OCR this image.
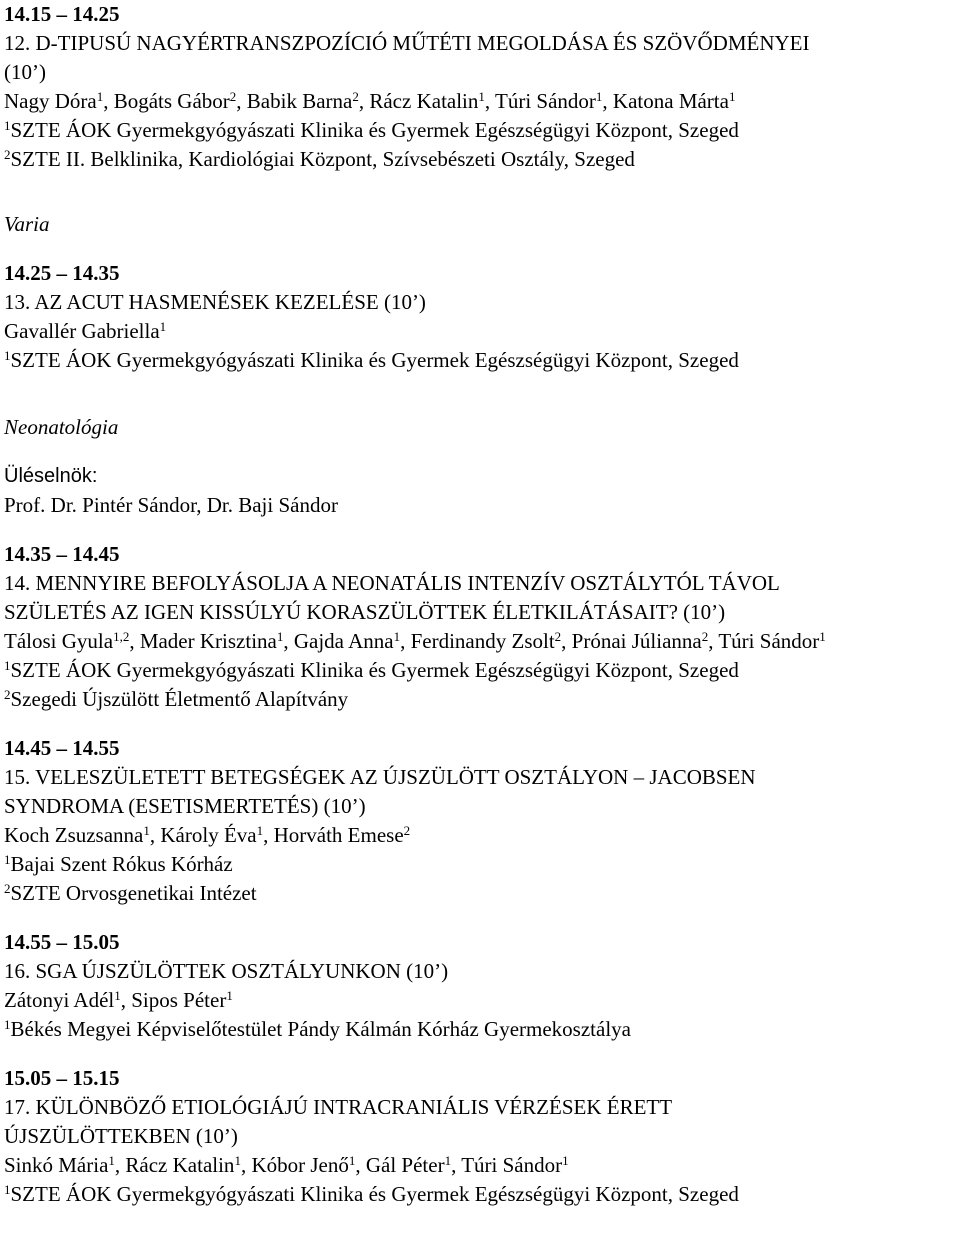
14.15 – 14.25

12. D-TIPUSÚ NAGYÉRTRANSZPOZÍCIÓ MŰTÉTI MEGOLDÁSA ÉS SZÖVŐDMÉNYEI

(10’)

Nagy Dóra$^1$, Bogáts Gábor$^2$, Babik Barna$^2$, Rácz Katalin$^1$, Túri Sándor$^1$, Katona Márta$^1$

$^1$SZTE ÁOK Gyermekgyógyászati Klinika és Gyermek Egészségügyi Központ, Szeged

$^2$SZTE II. Belklinika, Kardiológiai Központ, Szívsebészeti Osztály, Szeged

Varia

14.25 – 14.35

13. AZ ACUT HASMENÉSEK KEZELÉSE (10’)

Gavallér Gabriella$^1$

$^1$SZTE ÁOK Gyermekgyógyászati Klinika és Gyermek Egészségügyi Központ, Szeged

Neonatológia

Üléselnök:

Prof. Dr. Pintér Sándor, Dr. Baji Sándor

14.35 – 14.45

14. MENNYIRE BEFOLYÁSOLJA A NEONATÁLIS INTENZÍV OSZTÁLYTÓL TÁVOL

SZÜLETÉS AZ IGEN KISSÚLYÚ KORASZÜLÖTTEK ÉLETKILÁTÁSAIT? (10’)

Tálosi Gyula$^{1,2}$, Mader Krisztina$^1$, Gajda Anna$^1$, Ferdinandy Zsolt$^2$, Prónai Júlianna$^2$, Túri Sándor$^1$

$^1$SZTE ÁOK Gyermekgyógyászati Klinika és Gyermek Egészségügyi Központ, Szeged

$^2$Szegedi Újszülött Életmentő Alapítvány

14.45 – 14.55

15. VELESZÜLETETT BETEGSÉGEK AZ ÚJSZÜLÖTT OSZTÁLYON – JACOBSEN

SYNDROMA (ESETISMERTETÉS) (10’)

Koch Zsuzsanna$^1$, Károly Éva$^1$, Horváth Emese$^2$

$^1$Bajai Szent Rókus Kórház

$^2$SZTE Orvosgenetikai Intézet

14.55 – 15.05

16. SGA ÚJSZÜLÖTTEK OSZTÁLYUNKON (10’)

Zátonyi Adél$^1$, Sipos Péter$^1$

$^1$Békés Megyei Képviselőtestület Pándy Kálmán Kórház Gyermekosztálya

15.05 – 15.15

17. KÜLÖNBÖZŐ ETIOLÓGIÁJÚ INTRACRANIÁLIS VÉRZÉSEK ÉRETT

ÚJSZÜLÖTTEKBEN (10’)

Sinkó Mária$^1$, Rácz Katalin$^1$, Kóbor Jenő$^1$, Gál Péter$^1$, Túri Sándor$^1$

$^1$SZTE ÁOK Gyermekgyógyászati Klinika és Gyermek Egészségügyi Központ, Szeged
